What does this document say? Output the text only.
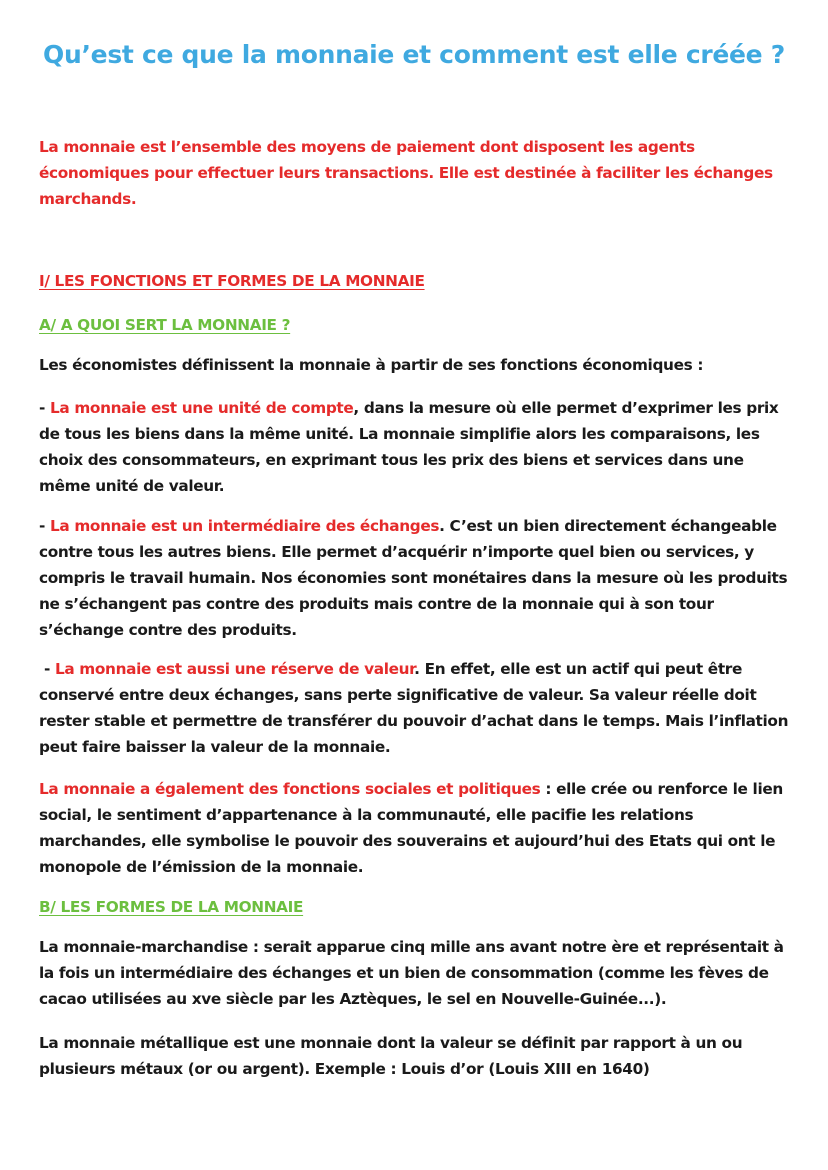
Qu’est ce que la monnaie et comment est elle créée ?
La monnaie est l’ensemble des moyens de paiement dont disposent les agents économiques pour effectuer leurs transactions. Elle est destinée à faciliter les échanges marchands.
I/ LES FONCTIONS ET FORMES DE LA MONNAIE
A/ A QUOI SERT LA MONNAIE ?
Les économistes définissent la monnaie à partir de ses fonctions économiques :
- La monnaie est une unité de compte, dans la mesure où elle permet d’exprimer les prix de tous les biens dans la même unité. La monnaie simplifie alors les comparaisons, les choix des consommateurs, en exprimant tous les prix des biens et services dans une même unité de valeur.
- La monnaie est un intermédiaire des échanges. C’est un bien directement échangeable contre tous les autres biens. Elle permet d’acquérir n’importe quel bien ou services, y compris le travail humain. Nos économies sont monétaires dans la mesure où les produits ne s’échangent pas contre des produits mais contre de la monnaie qui à son tour s’échange contre des produits.
- La monnaie est aussi une réserve de valeur. En effet, elle est un actif qui peut être conservé entre deux échanges, sans perte significative de valeur. Sa valeur réelle doit rester stable et permettre de transférer du pouvoir d’achat dans le temps. Mais l’inflation peut faire baisser la valeur de la monnaie.
La monnaie a également des fonctions sociales et politiques : elle crée ou renforce le lien social, le sentiment d’appartenance à la communauté, elle pacifie les relations marchandes, elle symbolise le pouvoir des souverains et aujourd’hui des Etats qui ont le monopole de l’émission de la monnaie.
B/ LES FORMES DE LA MONNAIE
La monnaie-marchandise : serait apparue cinq mille ans avant notre ère et représentait à la fois un intermédiaire des échanges et un bien de consommation (comme les fèves de cacao utilisées au xve siècle par les Aztèques, le sel en Nouvelle-Guinée...).
La monnaie métallique est une monnaie dont la valeur se définit par rapport à un ou plusieurs métaux (or ou argent). Exemple : Louis d’or (Louis XIII en 1640)
